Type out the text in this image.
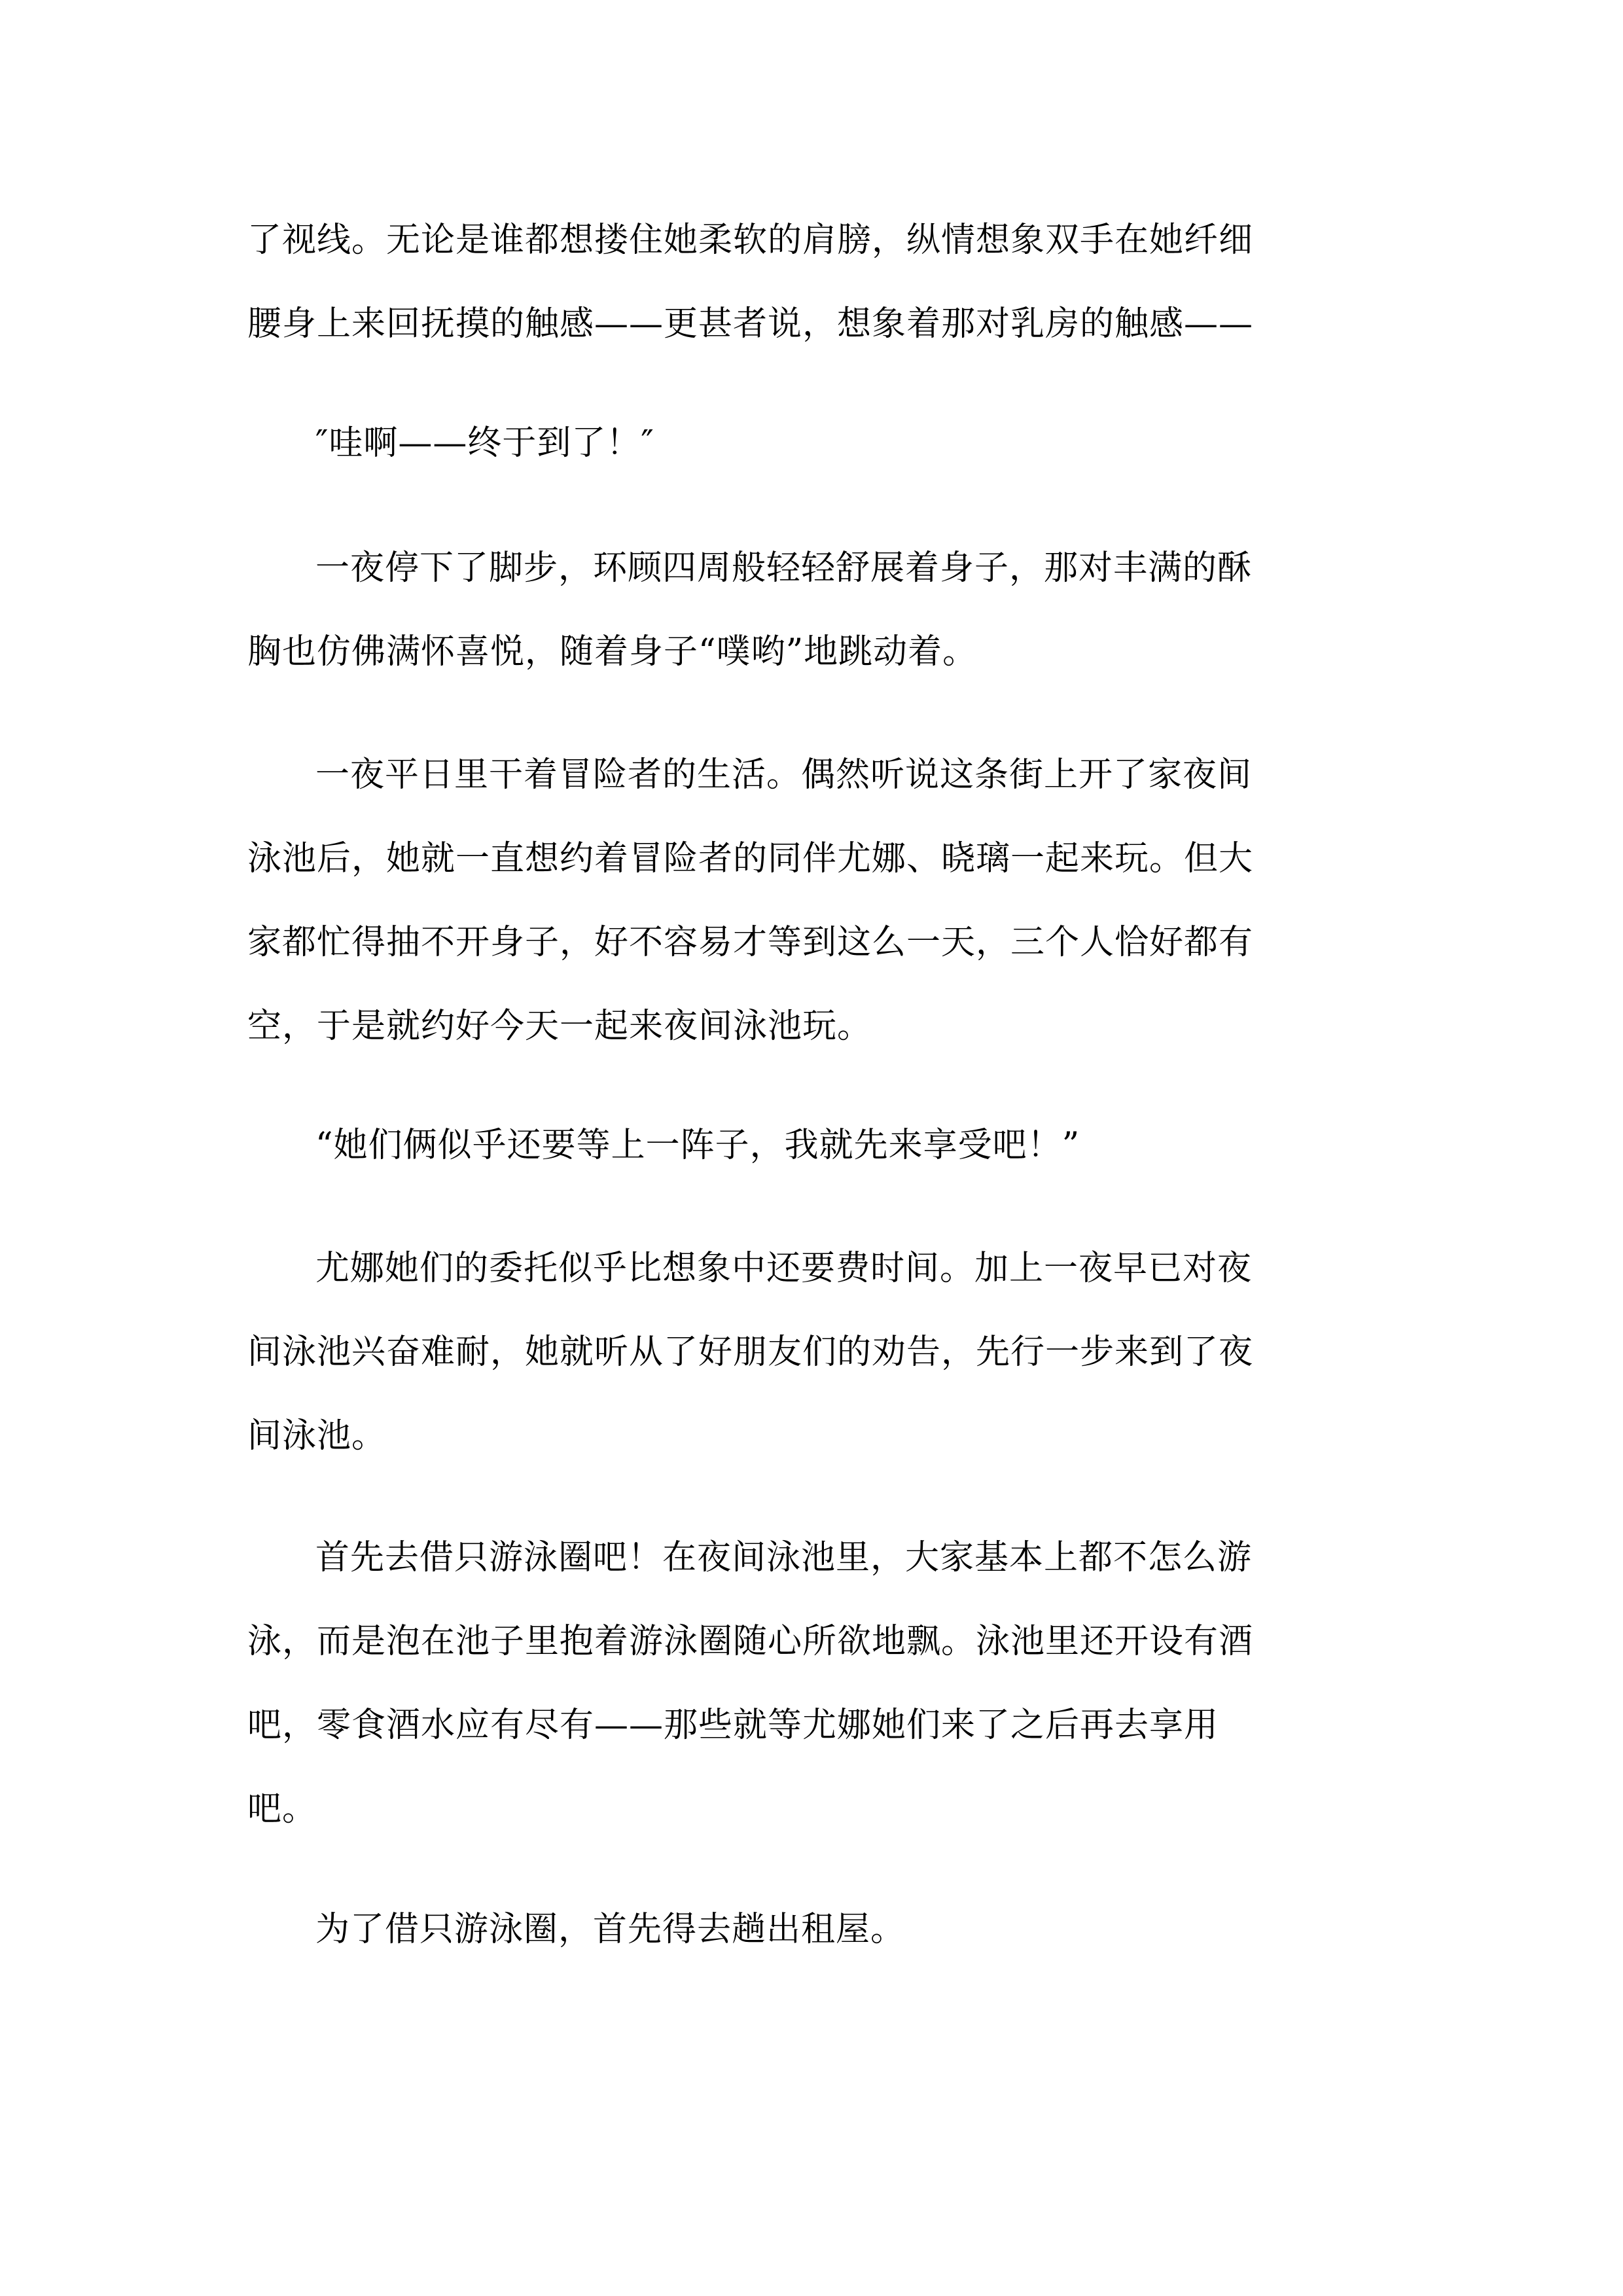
了视线。无论是谁都想搂住她柔软的肩膀，纵情想象双手在她纤细
腰身上来回抚摸的触感——更甚者说，想象着那对乳房的触感——
″哇啊——终于到了！″
一夜停下了脚步，环顾四周般轻轻舒展着身子，那对丰满的酥
胸也仿佛满怀喜悦，随着身子“噗哟”地跳动着。
一夜平日里干着冒险者的生活。偶然听说这条街上开了家夜间
泳池后，她就一直想约着冒险者的同伴尤娜、晓璃一起来玩。但大
家都忙得抽不开身子，好不容易才等到这么一天，三个人恰好都有
空，于是就约好今天一起来夜间泳池玩。
“她们俩似乎还要等上一阵子，我就先来享受吧！”
尤娜她们的委托似乎比想象中还要费时间。加上一夜早已对夜
间泳池兴奋难耐，她就听从了好朋友们的劝告，先行一步来到了夜
间泳池。
首先去借只游泳圈吧！在夜间泳池里，大家基本上都不怎么游
泳，而是泡在池子里抱着游泳圈随心所欲地飘。泳池里还开设有酒
吧，零食酒水应有尽有——那些就等尤娜她们来了之后再去享用
吧。
为了借只游泳圈，首先得去趟出租屋。
